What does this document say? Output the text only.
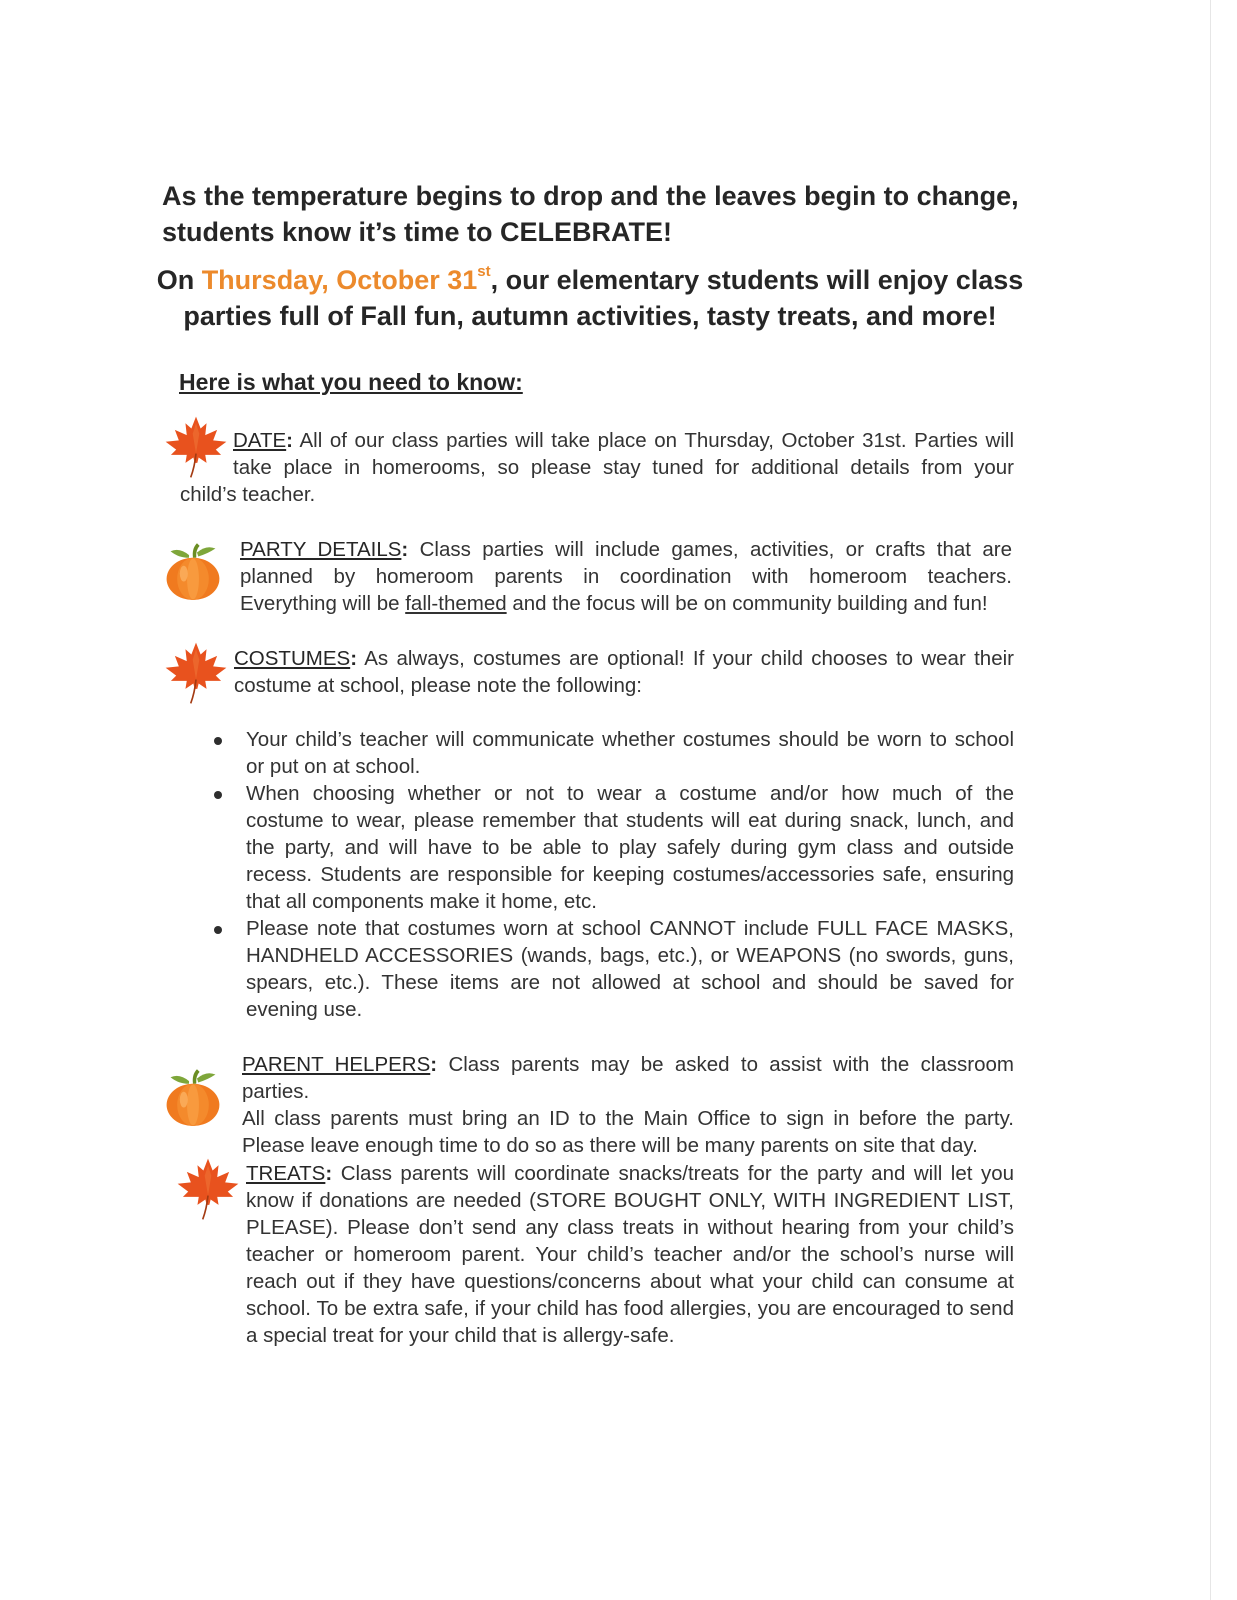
As the temperature begins to drop and the leaves begin to change,
students know it’s time to CELEBRATE!
On Thursday, October 31st, our elementary students will enjoy class
parties full of Fall fun, autumn activities, tasty treats, and more!
Here is what you need to know:
DATE: All of our class parties will take place on Thursday, October 31st. Parties will
take place in homerooms, so please stay tuned for additional details from your
child’s teacher.
PARTY DETAILS: Class parties will include games, activities, or crafts that are
planned by homeroom parents in coordination with homeroom teachers.
Everything will be fall-themed and the focus will be on community building and fun!
COSTUMES: As always, costumes are optional! If your child chooses to wear their
costume at school, please note the following:
Your child’s teacher will communicate whether costumes should be worn to school
or put on at school.
When choosing whether or not to wear a costume and/or how much of the
costume to wear, please remember that students will eat during snack, lunch, and
the party, and will have to be able to play safely during gym class and outside
recess. Students are responsible for keeping costumes/accessories safe, ensuring
that all components make it home, etc.
Please note that costumes worn at school CANNOT include FULL FACE MASKS,
HANDHELD ACCESSORIES (wands, bags, etc.), or WEAPONS (no swords, guns,
spears, etc.). These items are not allowed at school and should be saved for
evening use.
PARENT HELPERS: Class parents may be asked to assist with the classroom parties.
All class parents must bring an ID to the Main Office to sign in before the party.
Please leave enough time to do so as there will be many parents on site that day.
TREATS: Class parents will coordinate snacks/treats for the party and will let you
know if donations are needed (STORE BOUGHT ONLY, WITH INGREDIENT LIST,
PLEASE). Please don’t send any class treats in without hearing from your child’s
teacher or homeroom parent. Your child’s teacher and/or the school’s nurse will
reach out if they have questions/concerns about what your child can consume at
school. To be extra safe, if your child has food allergies, you are encouraged to send
a special treat for your child that is allergy-safe.
